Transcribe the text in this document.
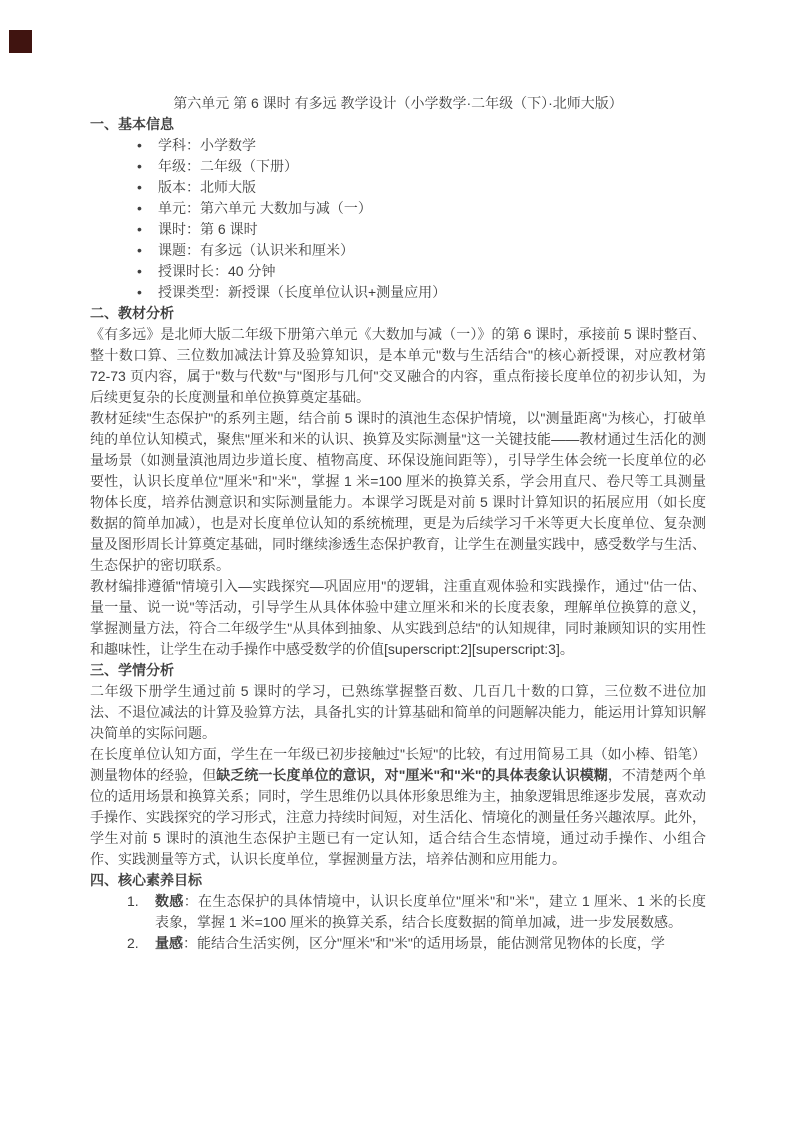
第六单元 第 6 课时 有多远 教学设计（小学数学·二年级（下）·北师大版）
一、基本信息
• 学科：小学数学
• 年级：二年级（下册）
• 版本：北师大版
• 单元：第六单元 大数加与减（一）
• 课时：第 6 课时
• 课题：有多远（认识米和厘米）
• 授课时长：40 分钟
• 授课类型：新授课（长度单位认识+测量应用）
二、教材分析
《有多远》是北师大版二年级下册第六单元《大数加与减（一）》的第 6 课时，承接前 5 课时整百、整十数口算、三位数加减法计算及验算知识，是本单元"数与生活结合"的核心新授课，对应教材第 72-73 页内容，属于"数与代数"与"图形与几何"交叉融合的内容，重点衔接长度单位的初步认知，为后续更复杂的长度测量和单位换算奠定基础。
教材延续"生态保护"的系列主题，结合前 5 课时的滇池生态保护情境，以"测量距离"为核心，打破单纯的单位认知模式，聚焦"厘米和米的认识、换算及实际测量"这一关键技能——教材通过生活化的测量场景（如测量滇池周边步道长度、植物高度、环保设施间距等），引导学生体会统一长度单位的必要性，认识长度单位"厘米"和"米"，掌握 1 米=100 厘米的换算关系，学会用直尺、卷尺等工具测量物体长度，培养估测意识和实际测量能力。本课学习既是对前 5 课时计算知识的拓展应用（如长度数据的简单加减），也是对长度单位认知的系统梳理，更是为后续学习千米等更大长度单位、复杂测量及图形周长计算奠定基础，同时继续渗透生态保护教育，让学生在测量实践中，感受数学与生活、生态保护的密切联系。
教材编排遵循"情境引入—实践探究—巩固应用"的逻辑，注重直观体验和实践操作，通过"估一估、量一量、说一说"等活动，引导学生从具体体验中建立厘米和米的长度表象，理解单位换算的意义，掌握测量方法，符合二年级学生"从具体到抽象、从实践到总结"的认知规律，同时兼顾知识的实用性和趣味性，让学生在动手操作中感受数学的价值[superscript:2][superscript:3]。
三、学情分析
二年级下册学生通过前 5 课时的学习，已熟练掌握整百数、几百几十数的口算，三位数不进位加法、不退位减法的计算及验算方法，具备扎实的计算基础和简单的问题解决能力，能运用计算知识解决简单的实际问题。
在长度单位认知方面，学生在一年级已初步接触过"长短"的比较，有过用简易工具（如小棒、铅笔）测量物体的经验，但缺乏统一长度单位的意识，对"厘米"和"米"的具体表象认识模糊，不清楚两个单位的适用场景和换算关系；同时，学生思维仍以具体形象思维为主，抽象逻辑思维逐步发展，喜欢动手操作、实践探究的学习形式，注意力持续时间短，对生活化、情境化的测量任务兴趣浓厚。此外，学生对前 5 课时的滇池生态保护主题已有一定认知，适合结合生态情境，通过动手操作、小组合作、实践测量等方式，认识长度单位，掌握测量方法，培养估测和应用能力。
四、核心素养目标
1. 数感：在生态保护的具体情境中，认识长度单位"厘米"和"米"，建立 1 厘米、1 米的长度表象，掌握 1 米=100 厘米的换算关系，结合长度数据的简单加减，进一步发展数感。
2. 量感：能结合生活实例，区分"厘米"和"米"的适用场景，能估测常见物体的长度，学
